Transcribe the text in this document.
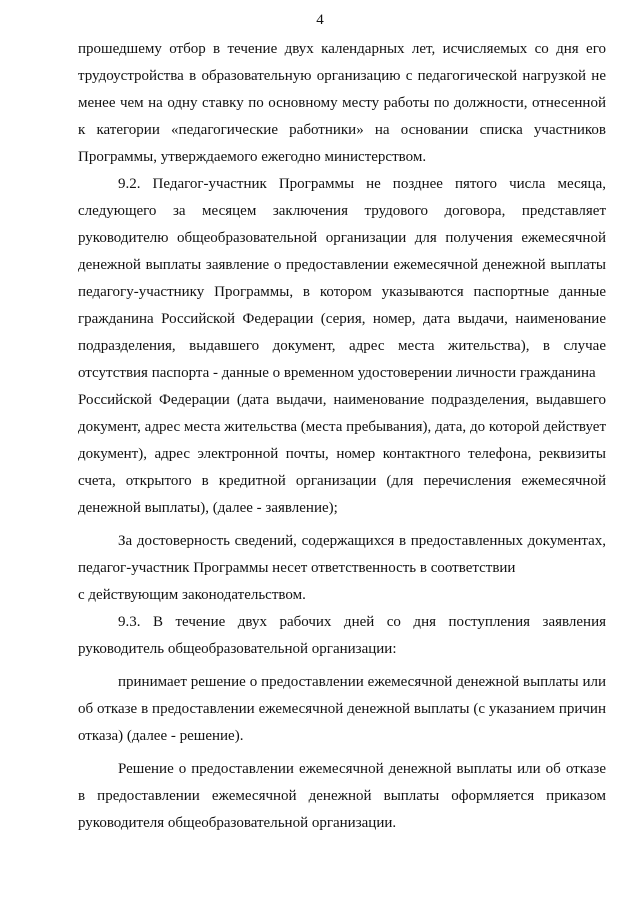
4

прошедшему отбор в течение двух календарных лет, исчисляемых со дня его трудоустройства в образовательную организацию с педагогической нагрузкой не менее чем на одну ставку по основному месту работы по должности, отнесенной к категории «педагогические работники» на основании списка участников Программы, утверждаемого ежегодно министерством.

9.2. Педагог-участник Программы не позднее пятого числа месяца, следующего за месяцем заключения трудового договора, представляет руководителю общеобразовательной организации для получения ежемесячной денежной выплаты заявление о предоставлении ежемесячной денежной выплаты педагогу-участнику Программы, в котором указываются паспортные данные гражданина Российской Федерации (серия, номер, дата выдачи, наименование подразделения, выдавшего документ, адрес места жительства), в случае отсутствия паспорта - данные о временном удостоверении личности гражданина

Российской Федерации (дата выдачи, наименование подразделения, выдавшего документ, адрес места жительства (места пребывания), дата, до которой действует документ), адрес электронной почты, номер контактного телефона, реквизиты счета, открытого в кредитной организации (для перечисления ежемесячной денежной выплаты), (далее - заявление);

За достоверность сведений, содержащихся в предоставленных документах, педагог-участник Программы несет ответственность в соответствии

с действующим законодательством.

9.3. В течение двух рабочих дней со дня поступления заявления руководитель общеобразовательной организации:

принимает решение о предоставлении ежемесячной денежной выплаты или об отказе в предоставлении ежемесячной денежной выплаты (с указанием причин отказа) (далее - решение).

Решение о предоставлении ежемесячной денежной выплаты или об отказе в предоставлении ежемесячной денежной выплаты оформляется приказом руководителя общеобразовательной организации.
